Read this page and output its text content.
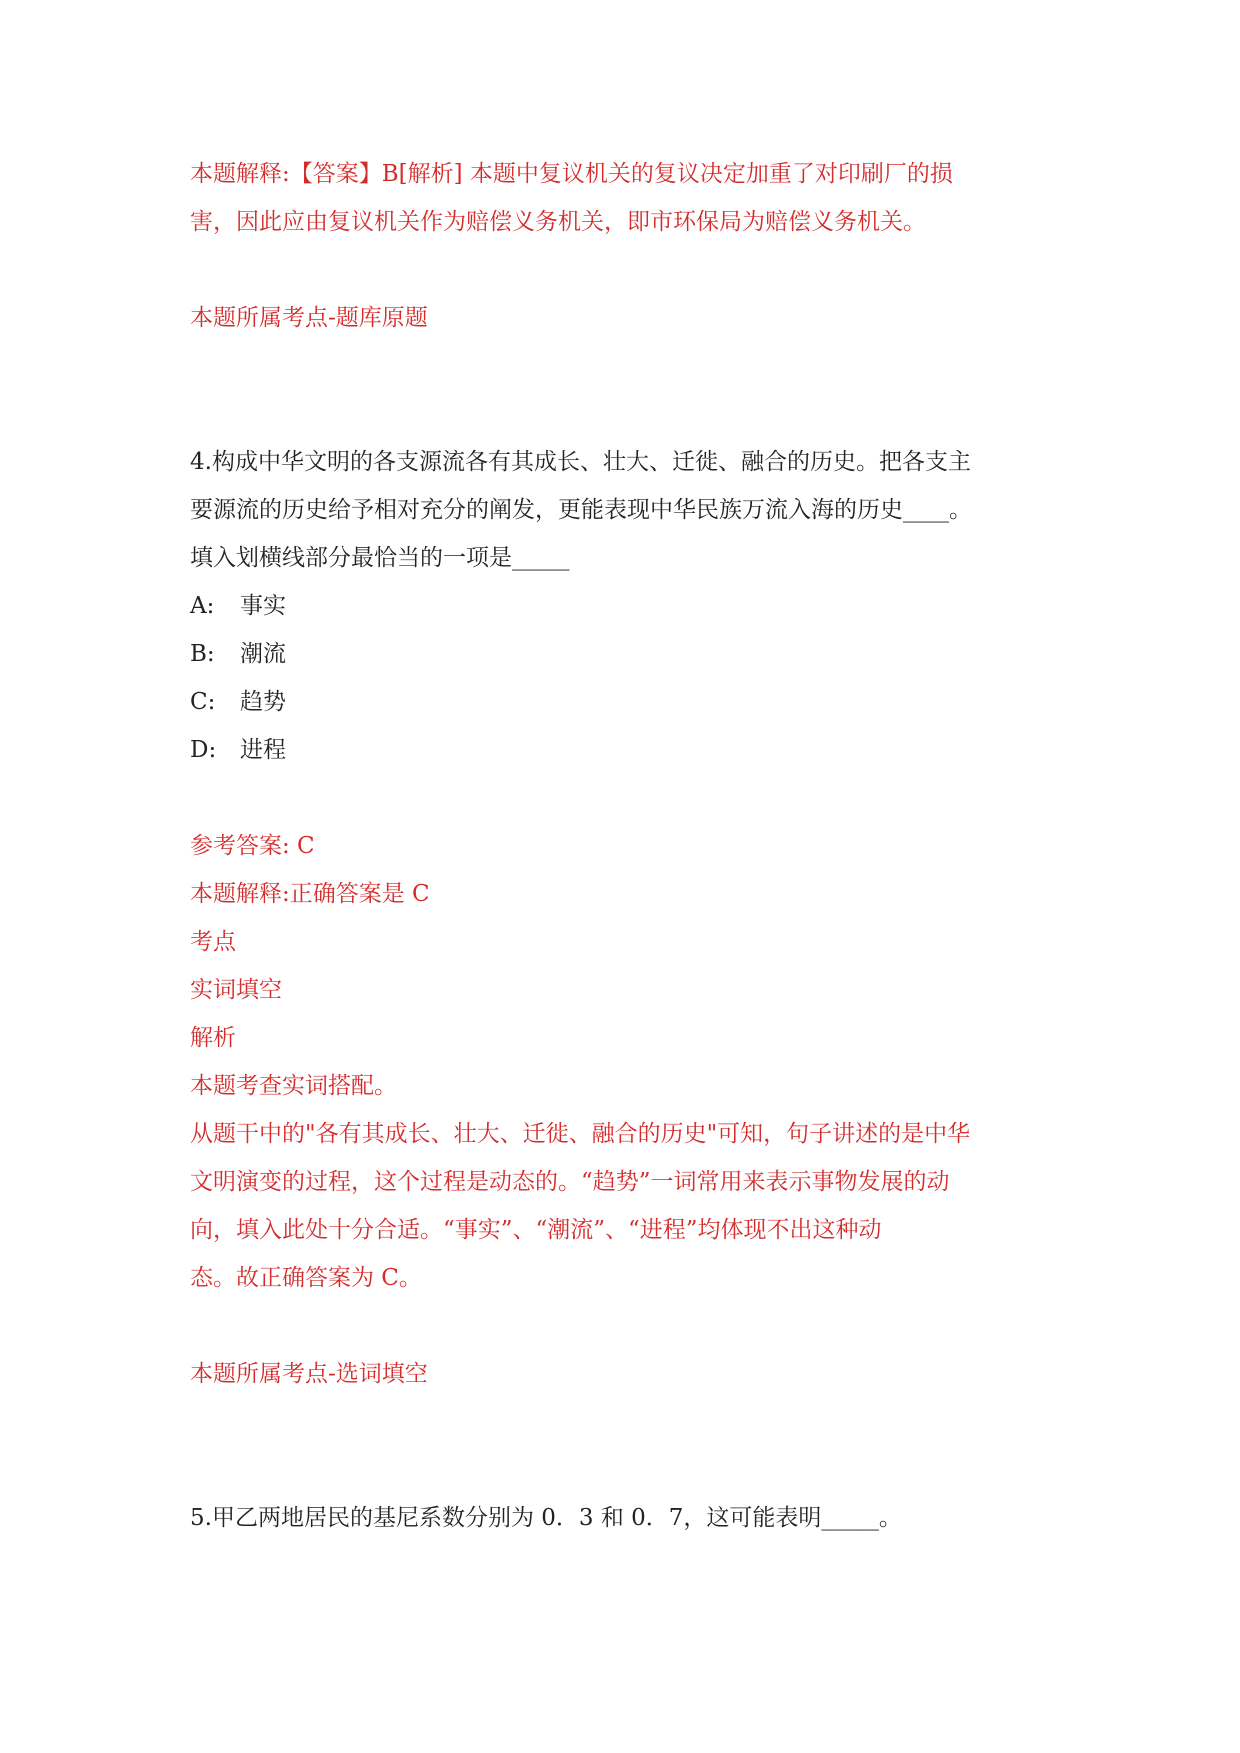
本题解释:【答案】B[解析] 本题中复议机关的复议决定加重了对印刷厂的损

害，因此应由复议机关作为赔偿义务机关，即市环保局为赔偿义务机关。

本题所属考点-题库原题

4.构成中华文明的各支源流各有其成长、壮大、迁徙、融合的历史。把各支主

要源流的历史给予相对充分的阐发，更能表现中华民族万流入海的历史____。

填入划横线部分最恰当的一项是_____

A: 事实

B: 潮流

C: 趋势

D: 进程

参考答案: C

本题解释:正确答案是 C

考点

实词填空

解析

本题考查实词搭配。

从题干中的"各有其成长、壮大、迁徙、融合的历史"可知，句子讲述的是中华

文明演变的过程，这个过程是动态的。“趋势”一词常用来表示事物发展的动

向，填入此处十分合适。“事实”、“潮流”、“进程”均体现不出这种动

态。故正确答案为 C。

本题所属考点-选词填空

5.甲乙两地居民的基尼系数分别为 0．3 和 0．7，这可能表明_____。
